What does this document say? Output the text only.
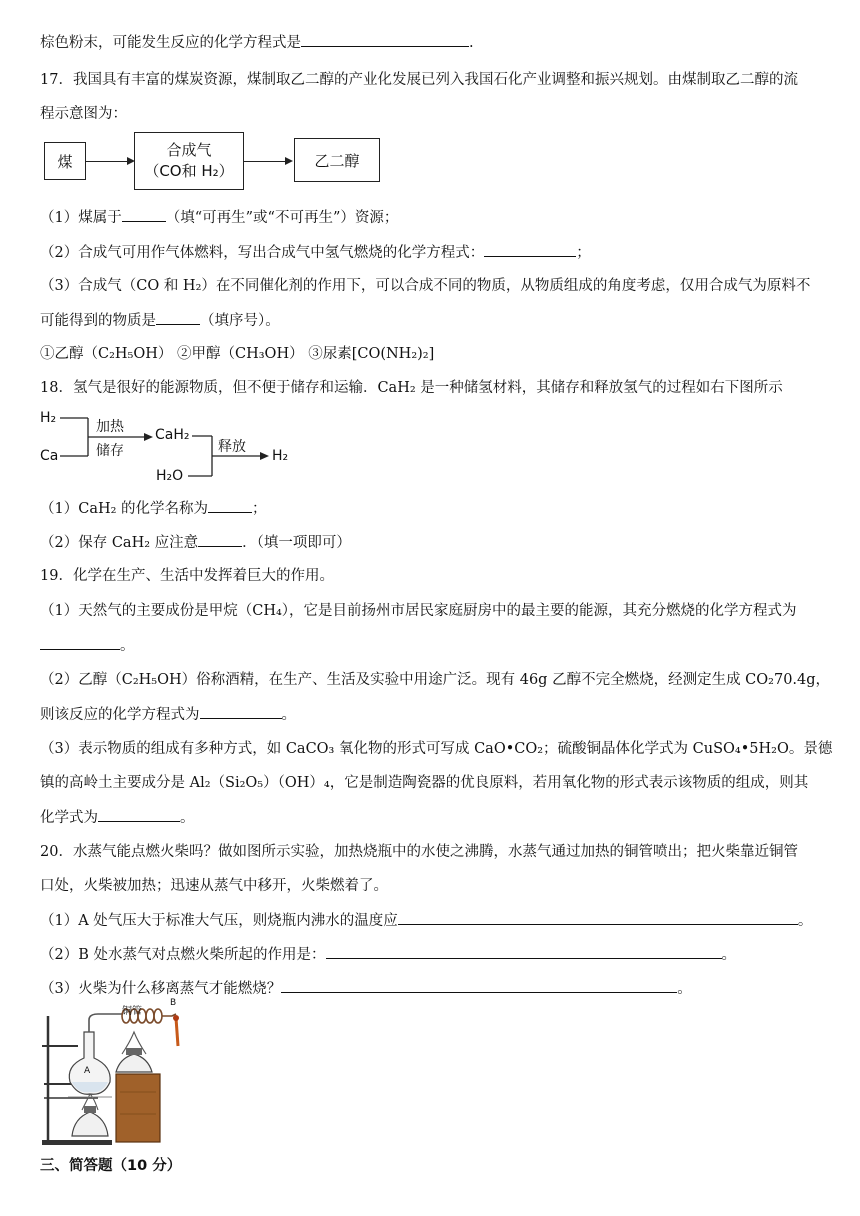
棕色粉末，可能发生反应的化学方程式是	.
17．我国具有丰富的煤炭资源，煤制取乙二醇的产业化发展已列入我国石化产业调整和振兴规划。由煤制取乙二醇的流
程示意图为：
煤
合成气
（CO和 H₂）
乙二醇
（1）煤属于	（填“可再生”或“不可再生”）资源；
（2）合成气可用作气体燃料，写出合成气中氢气燃烧的化学方程式：	；
（3）合成气（CO 和 H₂）在不同催化剂的作用下，可以合成不同的物质，从物质组成的角度考虑，仅用合成气为原料不
可能得到的物质是	（填序号）。
①乙醇（C₂H₅OH） ②甲醇（CH₃OH） ③尿素[CO(NH₂)₂]
18．氢气是很好的能源物质，但不便于储存和运输．CaH₂ 是一种储氢材料，其储存和释放氢气的过程如右下图所示
H₂
Ca
加热
储存
CaH₂
H₂O
释放
H₂
（1）CaH₂ 的化学名称为	；
（2）保存 CaH₂ 应注意	．（填一项即可）
19．化学在生产、生活中发挥着巨大的作用。
（1）天然气的主要成份是甲烷（CH₄），它是目前扬州市居民家庭厨房中的最主要的能源，其充分燃烧的化学方程式为
。
（2）乙醇（C₂H₅OH）俗称酒精，在生产、生活及实验中用途广泛。现有 46g 乙醇不完全燃烧，经测定生成 CO₂70.4g，
则该反应的化学方程式为	。
（3）表示物质的组成有多种方式，如 CaCO₃ 氧化物的形式可写成 CaO•CO₂；硫酸铜晶体化学式为 CuSO₄•5H₂O。景德
镇的高岭土主要成分是 Al₂（Si₂O₅）（OH）₄，它是制造陶瓷器的优良原料，若用氧化物的形式表示该物质的组成，则其
化学式为	。
20．水蒸气能点燃火柴吗？做如图所示实验，加热烧瓶中的水使之沸腾，水蒸气通过加热的铜管喷出；把火柴靠近铜管
口处，火柴被加热；迅速从蒸气中移开，火柴燃着了。
（1）A 处气压大于标准大气压，则烧瓶内沸水的温度应	。
（2）B 处水蒸气对点燃火柴所起的作用是：	。
（3）火柴为什么移离蒸气才能燃烧？	。
铜管
A
B
三、简答题（10 分）
